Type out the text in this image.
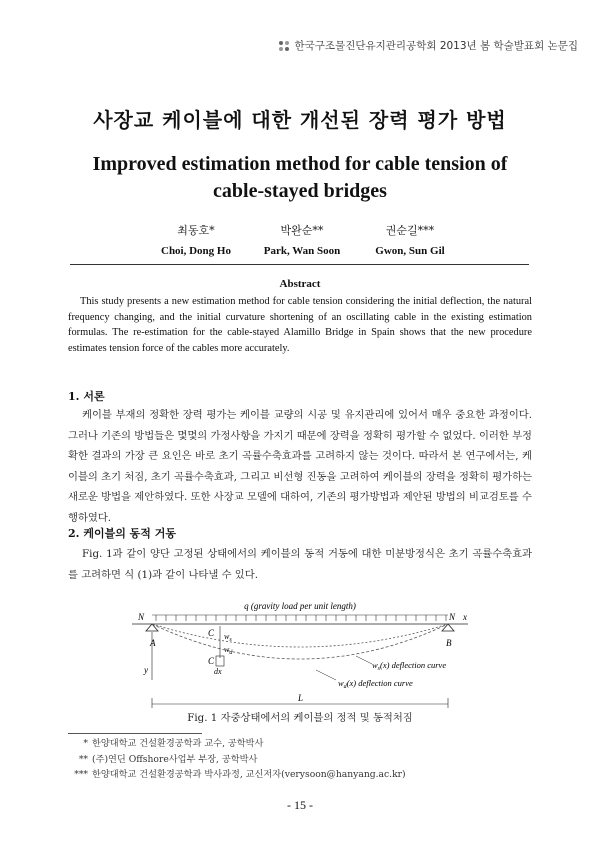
한국구조물진단유지관리공학회 2013년 봄 학술발표회 논문집
사장교 케이블에 대한 개선된 장력 평가 방법
Improved estimation method for cable tension of
cable-stayed bridges
최동호*
Choi, Dong Ho
박완순**
Park, Wan Soon
권순길***
Gwon, Sun Gil
Abstract
This study presents a new estimation method for cable tension considering the initial deflection, the natural frequency changing, and the initial curvature shortening of an oscillating cable in the existing estimation formulas. The re-estimation for the cable-stayed Alamillo Bridge in Spain shows that the new procedure estimates tension force of the cables more accurately.
1. 서론
케이블 부재의 정확한 장력 평가는 케이블 교량의 시공 및 유지관리에 있어서 매우 중요한 과정이다. 그러나 기존의 방법들은 몇몇의 가정사항을 가지기 때문에 장력을 정확히 평가할 수 없었다. 이러한 부정확한 결과의 가장 큰 요인은 바로 초기 곡률수축효과를 고려하지 않는 것이다. 따라서 본 연구에서는, 케이블의 초기 처짐, 초기 곡률수축효과, 그리고 비선형 진동을 고려하여 케이블의 장력을 정확히 평가하는 새로운 방법을 제안하였다. 또한 사장교 모델에 대하여, 기존의 평가방법과 제안된 방법의 비교검토를 수행하였다.
2. 케이블의 동적 거동
Fig. 1과 같이 양단 고정된 상태에서의 케이블의 동적 거동에 대한 미분방정식은 초기 곡률수축효과를 고려하면 식 (1)과 같이 나타낼 수 있다.
q (gravity load per unit length)
N	N x
A	B
y
C
C
$w_s$
$w_d$
dx
$w_s(x)$ deflection curve
$w_d(x)$ deflection curve
L
Fig. 1 자중상태에서의 케이블의 정적 및 동적처짐
* 한양대학교 건설환경공학과 교수, 공학박사
** (주)연딘 Offshore사업부 부장, 공학박사
*** 한양대학교 건설환경공학과 박사과정, 교신저자(verysoon@hanyang.ac.kr)
- 15 -
